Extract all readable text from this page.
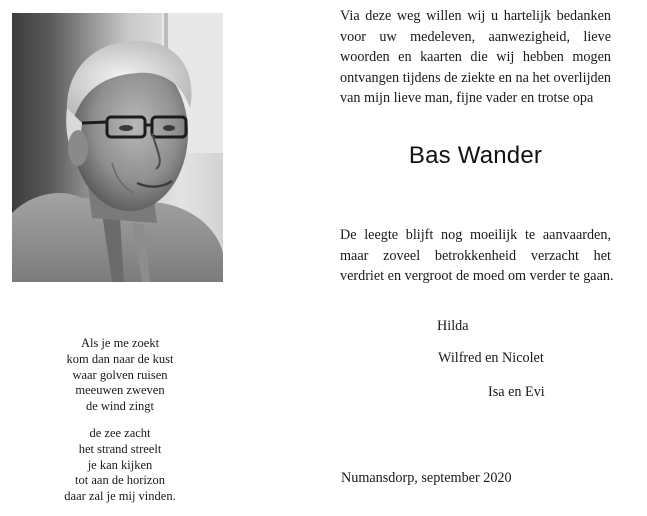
Via deze weg willen wij u hartelijk bedanken
voor uw medeleven, aanwezigheid, lieve
woorden en kaarten die wij hebben mogen
ontvangen tijdens de ziekte en na het overlijden
van mijn lieve man, fijne vader en trotse opa
Bas Wander
De leegte blijft nog moeilijk te aanvaarden,
maar zoveel betrokkenheid verzacht het
verdriet en vergroot de moed om verder te gaan.
Hilda
Wilfred en Nicolet
Isa en Evi
Numansdorp, september 2020

Als je me zoekt
kom dan naar de kust
waar golven ruisen
meeuwen zweven
de wind zingt

de zee zacht
het strand streelt
je kan kijken
tot aan de horizon
daar zal je mij vinden.
